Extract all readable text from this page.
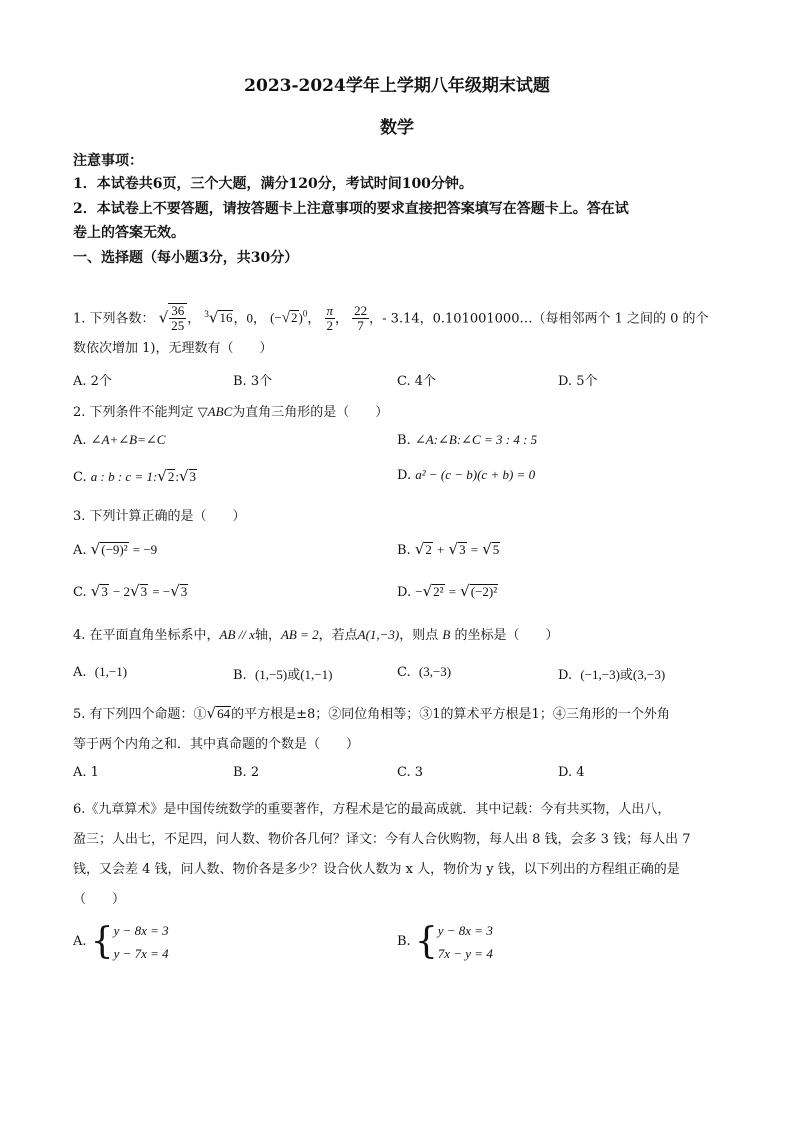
2023-2024学年上学期八年级期末试题
数学
注意事项：
1．本试卷共6页，三个大题，满分120分，考试时间100分钟。
2．本试卷上不要答题，请按答题卡上注意事项的要求直接把答案填写在答题卡上。答在试
卷上的答案无效。
一、选择题（每小题3分，共30分）
1. 下列各数： √ $\frac{36}{25}$ ， $^3$√16，0， $(-√2)^0$， $\frac{\pi}{2}$ ， $\frac{22}{7}$ ，- 3.14，0.101001000…（每相邻两个 1 之间的 0 的个
数依次增加 1)，无理数有（　　）
A. 2个	B. 3个	C. 4个	D. 5个
2. 下列条件不能判定 ▽ABC为直角三角形的是（　　）
A. ∠A+∠B=∠C	B. ∠A:∠B:∠C = 3 : 4 : 5
C. a : b : c = 1:√2:√3	D. a² − (c − b)(c + b) = 0
3. 下列计算正确的是（　　）
A. √(−9)² = −9	B. √2 + √3 = √5
C. √3 − 2√3 = −√3	D. −√2² = √(−2)²
4. 在平面直角坐标系中，AB // x轴，AB = 2，若点A(1,−3)，则点 B 的坐标是（　　）
A. (1,−1)	B. (1,−5)或(1,−1)	C. (3,−3)	D. (−1,−3)或(3,−3)
5. 有下列四个命题：①√64的平方根是±8；②同位角相等；③1的算术平方根是1；④三角形的一个外角
等于两个内角之和．其中真命题的个数是（　　）
A. 1	B. 2	C. 3	D. 4
6.《九章算术》是中国传统数学的重要著作，方程术是它的最高成就．其中记载：今有共买物，人出八，
盈三；人出七，不足四，问人数、物价各几何？译文：今有人合伙购物，每人出 8 钱，会多 3 钱；每人出 7
钱，又会差 4 钱，问人数、物价各是多少？设合伙人数为 x 人，物价为 y 钱，以下列出的方程组正确的是
（　　）
A. { y − 8x = 3
y − 7x = 4
B. { y − 8x = 3
7x − y = 4
